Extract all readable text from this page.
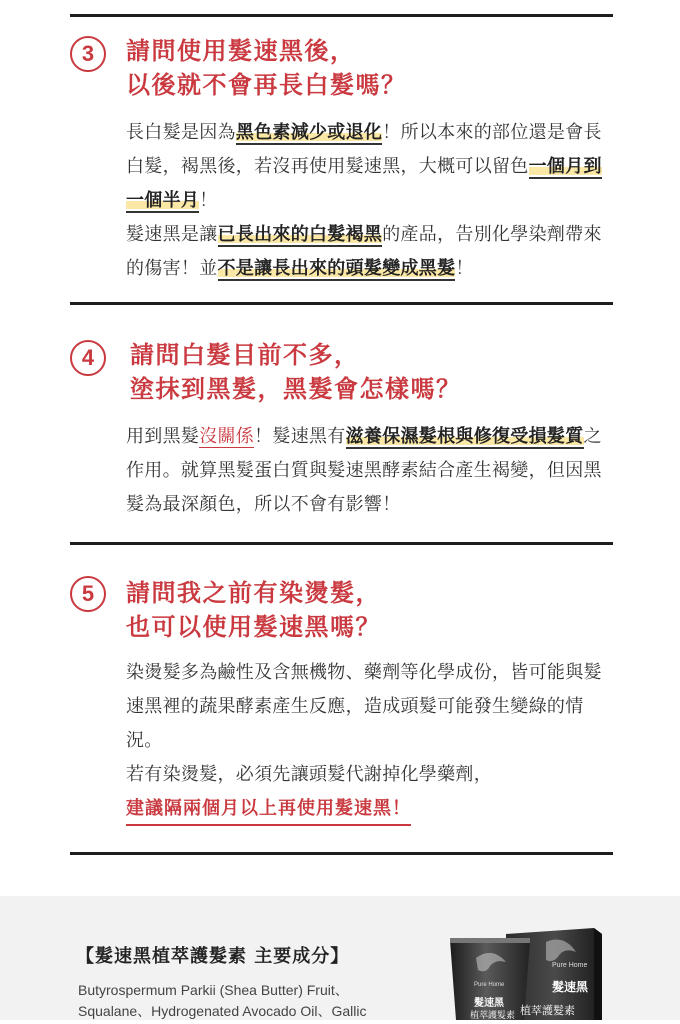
3	請問使用髮速黑後，
以後就不會再長白髮嗎？

長白髮是因為黑色素減少或退化！所以本來的部位還是會長白髮，褐黑後，若沒再使用髮速黑，大概可以留色一個月到一個半月！

髮速黑是讓已長出來的白髮褐黑的產品，告別化學染劑帶來的傷害！並不是讓長出來的頭髮變成黑髮！

4	請問白髮目前不多，
塗抹到黑髮，黑髮會怎樣嗎？

用到黑髮沒關係！髮速黑有滋養保濕髮根與修復受損髮質之作用。就算黑髮蛋白質與髮速黑酵素結合產生褐變，但因黑髮為最深顏色，所以不會有影響！

5	請問我之前有染燙髮，
也可以使用髮速黑嗎？

染燙髮多為鹼性及含無機物、藥劑等化學成份，皆可能與髮速黑裡的蔬果酵素產生反應，造成頭髮可能發生變綠的情況。

若有染燙髮，必須先讓頭髮代謝掉化學藥劑，

建議隔兩個月以上再使用髮速黑！

【髮速黑植萃護髮素 主要成分】
Butyrospermum Parkii (Shea Butter) Fruit、Squalane、Hydrogenated Avocado Oil、Gallic
Pure Home
髮速黑
植萃護髮素
Pure Home
髮速黑
植萃護髮素
